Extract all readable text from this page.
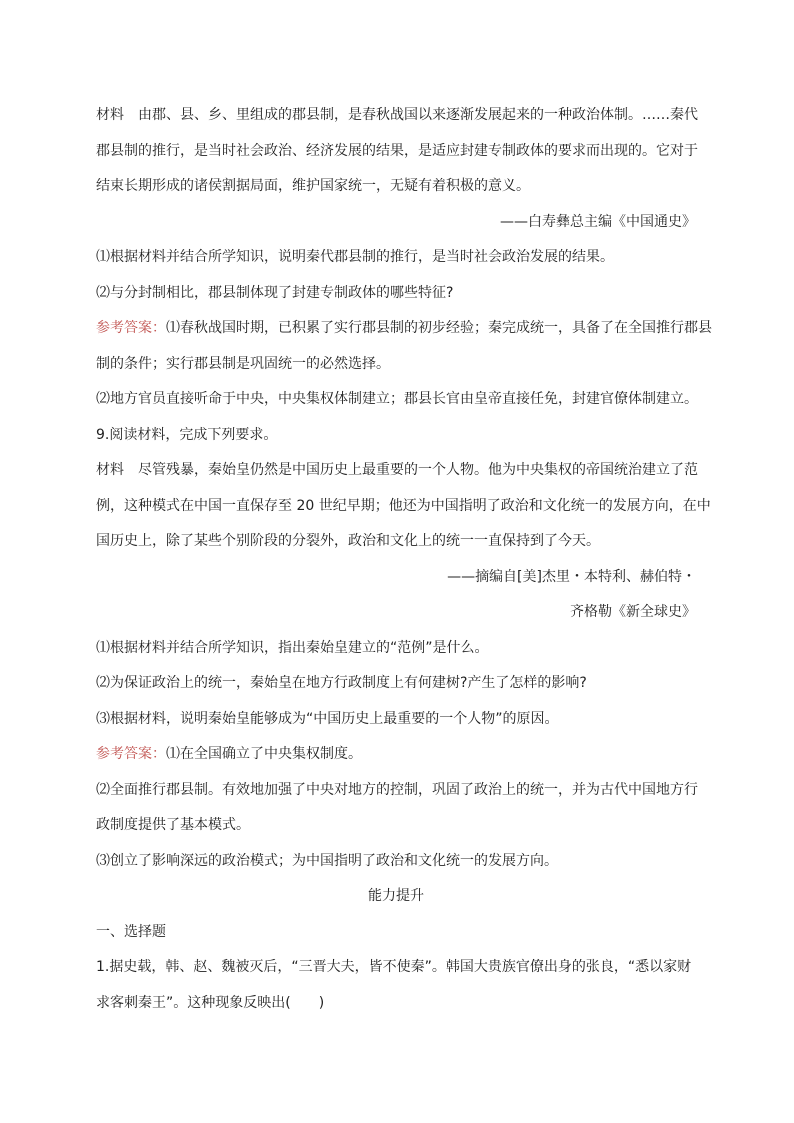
材料　由郡、县、乡、里组成的郡县制，是春秋战国以来逐渐发展起来的一种政治体制。……秦代

郡县制的推行，是当时社会政治、经济发展的结果，是适应封建专制政体的要求而出现的。它对于

结束长期形成的诸侯割据局面，维护国家统一，无疑有着积极的意义。

——白寿彝总主编《中国通史》

⑴根据材料并结合所学知识，说明秦代郡县制的推行，是当时社会政治发展的结果。

⑵与分封制相比，郡县制体现了封建专制政体的哪些特征?

参考答案：⑴春秋战国时期，已积累了实行郡县制的初步经验；秦完成统一，具备了在全国推行郡县

制的条件；实行郡县制是巩固统一的必然选择。

⑵地方官员直接听命于中央，中央集权体制建立；郡县长官由皇帝直接任免，封建官僚体制建立。

9.阅读材料，完成下列要求。

材料　尽管残暴，秦始皇仍然是中国历史上最重要的一个人物。他为中央集权的帝国统治建立了范

例，这种模式在中国一直保存至 20 世纪早期；他还为中国指明了政治和文化统一的发展方向，在中

国历史上，除了某些个别阶段的分裂外，政治和文化上的统一一直保持到了今天。

——摘编自[美]杰里・本特利、赫伯特・

齐格勒《新全球史》

⑴根据材料并结合所学知识，指出秦始皇建立的“范例”是什么。

⑵为保证政治上的统一，秦始皇在地方行政制度上有何建树?产生了怎样的影响?

⑶根据材料，说明秦始皇能够成为“中国历史上最重要的一个人物”的原因。

参考答案：⑴在全国确立了中央集权制度。

⑵全面推行郡县制。有效地加强了中央对地方的控制，巩固了政治上的统一，并为古代中国地方行

政制度提供了基本模式。

⑶创立了影响深远的政治模式；为中国指明了政治和文化统一的发展方向。

能力提升

一、选择题

1.据史载，韩、赵、魏被灭后，“三晋大夫，皆不使秦”。韩国大贵族官僚出身的张良，“悉以家财

求客刺秦王”。这种现象反映出(　　)
